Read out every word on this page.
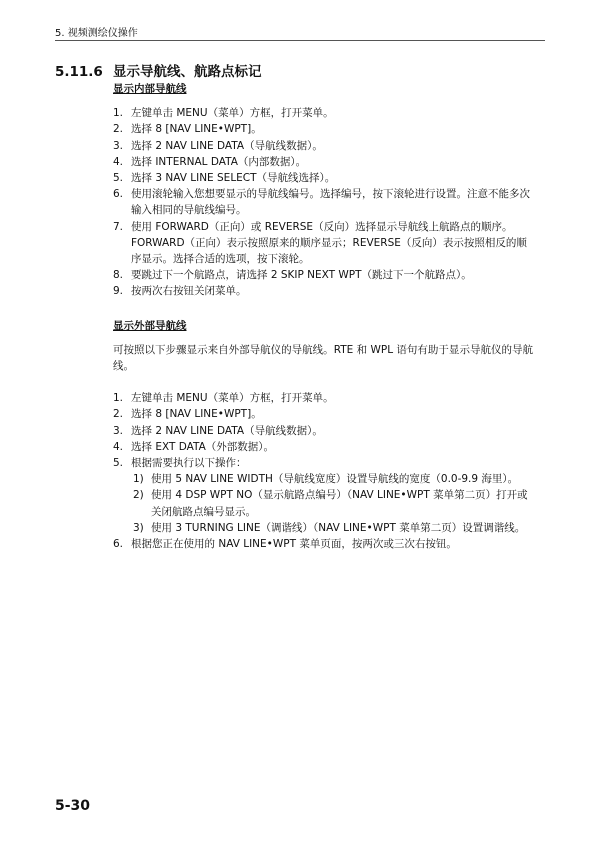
5. 视频测绘仪操作
5.11.6 显示导航线、航路点标记
显示内部导航线
1. 左键单击 MENU（菜单）方框，打开菜单。
2. 选择 8 [NAV LINE•WPT]。
3. 选择 2 NAV LINE DATA（导航线数据）。
4. 选择 INTERNAL DATA（内部数据）。
5. 选择 3 NAV LINE SELECT（导航线选择）。
6. 使用滚轮输入您想要显示的导航线编号。选择编号，按下滚轮进行设置。注意不能多次输入相同的导航线编号。
7. 使用 FORWARD（正向）或 REVERSE（反向）选择显示导航线上航路点的顺序。FORWARD（正向）表示按照原来的顺序显示；REVERSE（反向）表示按照相反的顺序显示。选择合适的选项，按下滚轮。
8. 要跳过下一个航路点，请选择 2 SKIP NEXT WPT（跳过下一个航路点）。
9. 按两次右按钮关闭菜单。
显示外部导航线

可按照以下步骤显示来自外部导航仪的导航线。RTE 和 WPL 语句有助于显示导航仪的导航线。

1. 左键单击 MENU（菜单）方框，打开菜单。
2. 选择 8 [NAV LINE•WPT]。
3. 选择 2 NAV LINE DATA（导航线数据）。
4. 选择 EXT DATA（外部数据）。
5. 根据需要执行以下操作：
1) 使用 5 NAV LINE WIDTH（导航线宽度）设置导航线的宽度（0.0-9.9 海里）。
2) 使用 4 DSP WPT NO（显示航路点编号）（NAV LINE•WPT 菜单第二页）打开或关闭航路点编号显示。
3) 使用 3 TURNING LINE（调谐线）（NAV LINE•WPT 菜单第二页）设置调谐线。
6. 根据您正在使用的 NAV LINE•WPT 菜单页面，按两次或三次右按钮。
5-30
